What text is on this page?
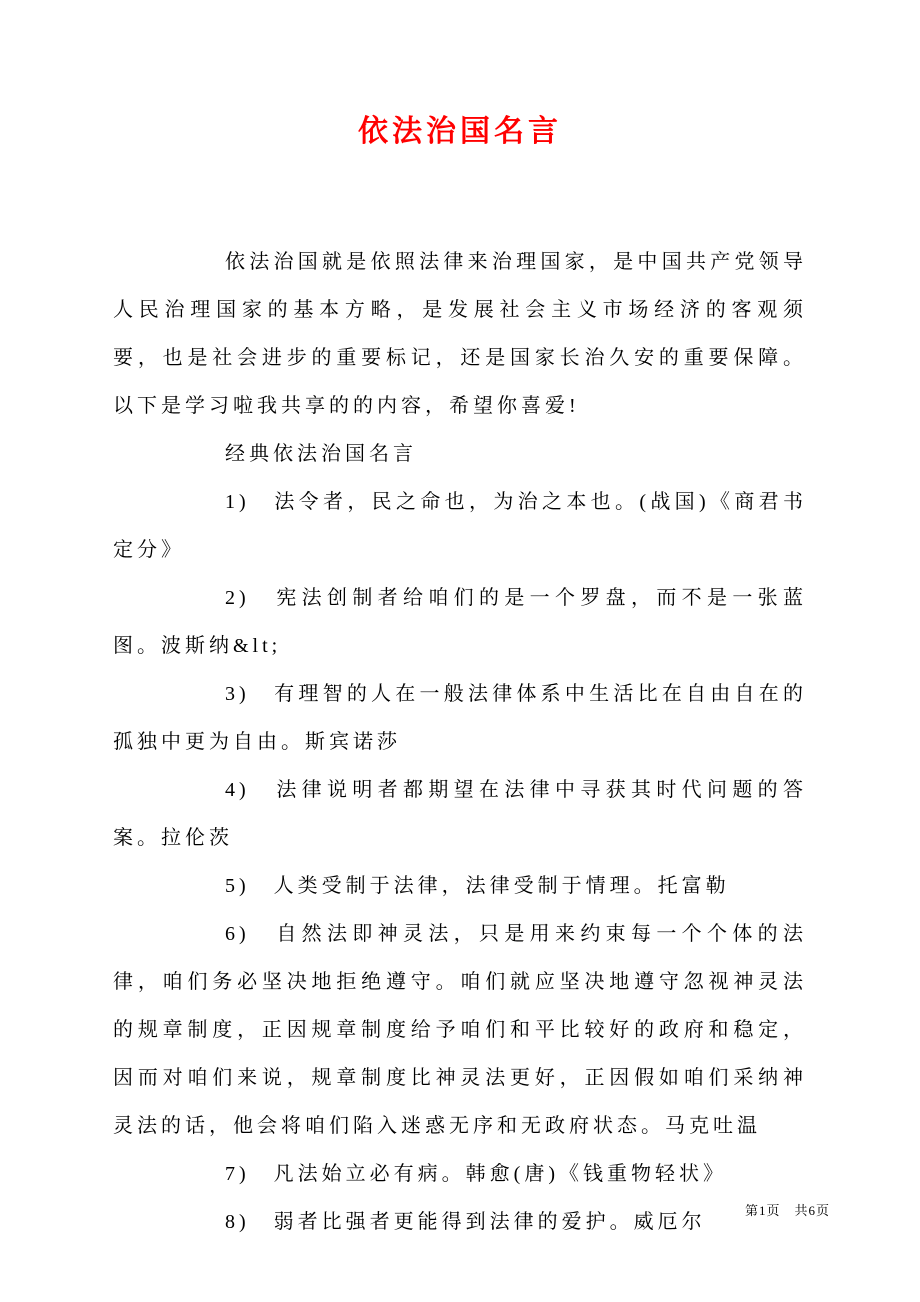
依法治国名言

依法治国就是依照法律来治理国家，是中国共产党领导人民治理国家的基本方略，是发展社会主义市场经济的客观须要，也是社会进步的重要标记，还是国家长治久安的重要保障。以下是学习啦我共享的的内容，希望你喜爱!

经典依法治国名言

1)　法令者，民之命也，为治之本也。(战国)《商君书定分》

2)　宪法创制者给咱们的是一个罗盘，而不是一张蓝图。波斯纳&lt;

3)　有理智的人在一般法律体系中生活比在自由自在的孤独中更为自由。斯宾诺莎

4)　法律说明者都期望在法律中寻获其时代问题的答案。拉伦茨

5)　人类受制于法律，法律受制于情理。托富勒

6)　自然法即神灵法，只是用来约束每一个个体的法律，咱们务必坚决地拒绝遵守。咱们就应坚决地遵守忽视神灵法的规章制度，正因规章制度给予咱们和平比较好的政府和稳定，因而对咱们来说，规章制度比神灵法更好，正因假如咱们采纳神灵法的话，他会将咱们陷入迷惑无序和无政府状态。马克吐温

7)　凡法始立必有病。韩愈(唐)《钱重物轻状》

8)　弱者比强者更能得到法律的爱护。威厄尔

第1页 共6页
